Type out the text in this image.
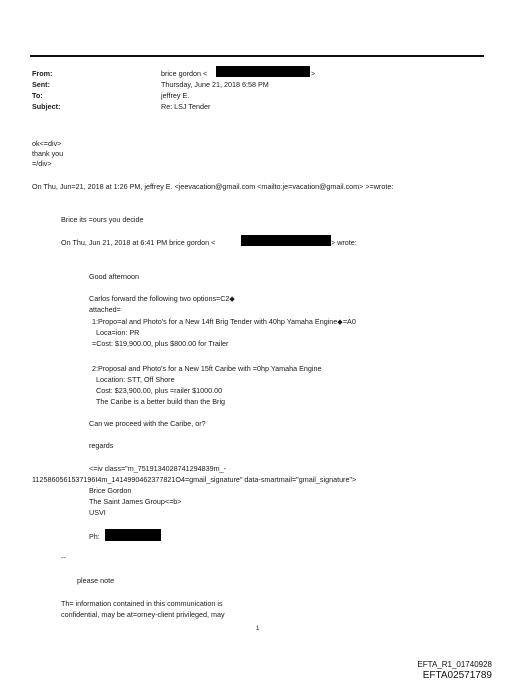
From:
Sent:
To:
Subject:
brice gordon <	>
Thursday, June 21, 2018 6:58 PM
jeffrey E.
Re: LSJ Tender
ok<=div>
thank you
=/div>
On Thu, Jun=21, 2018 at 1:26 PM, jeffrey E. <jeevacation@gmail.com <mailto:je=vacation@gmail.com> >=wrote:
Brice its =ours you decide
On Thu, Jun 21, 2018 at 6:41 PM brice gordon <	> wrote:
Good afternoon
Carlos forward the following two options=C2◆
attached=
1:Propo=al and Photo's for a New 14ft Brig Tender with 40hp Yamaha Engine◆=A0
Loca=ion: PR
=Cost: $19,900.00, plus $800.00 for Trailer
2:Proposal and Photo's for a New 15ft Caribe with =0hp Yamaha Engine
Location: STT, Off Shore
Cost: $23,900.00, plus =railer $1000.00
The Caribe is a better build than the Brig
Can we proceed with the Caribe, or?
regards
<=iv class="m_7519134028741294839m_-
1125860561537196I4m_1414990462377821O4=gmail_signature" data-smartmail="gmail_signature">
Brice Gordon
The Saint James Group<=b>
USVI
Ph:
--
please note
Th= information contained in this communication is
confidential, may be at=orney-client privileged, may
1
EFTA_R1_01740928
EFTA02571789
